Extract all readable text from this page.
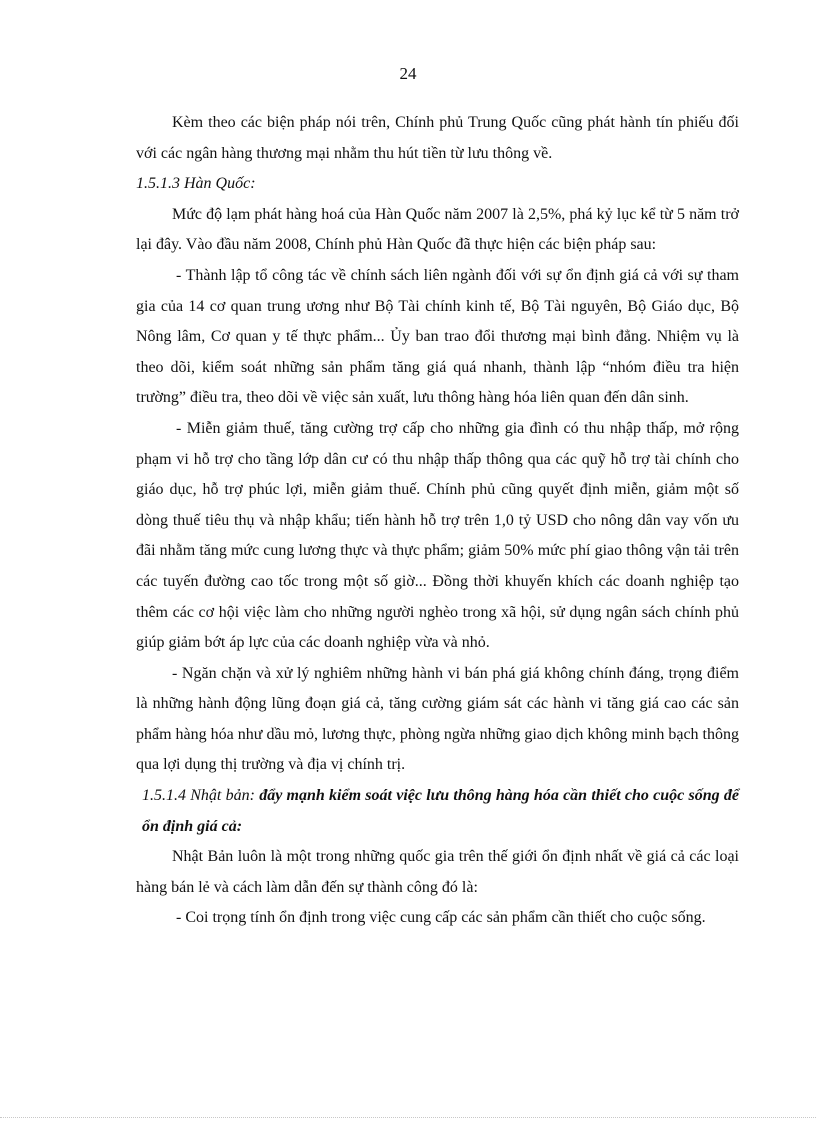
24

Kèm theo các biện pháp nói trên, Chính phủ Trung Quốc cũng phát hành tín phiếu đối với các ngân hàng thương mại nhằm thu hút tiền từ lưu thông về.

1.5.1.3 Hàn Quốc:

Mức độ lạm phát hàng hoá của Hàn Quốc năm 2007 là 2,5%, phá kỷ lục kể từ 5 năm trở lại đây. Vào đầu năm 2008, Chính phủ Hàn Quốc đã thực hiện các biện pháp sau:

- Thành lập tổ công tác về chính sách liên ngành đối với sự ổn định giá cả với sự tham gia của 14 cơ quan trung ương như Bộ Tài chính kinh tế, Bộ Tài nguyên, Bộ Giáo dục, Bộ Nông lâm, Cơ quan y tế thực phẩm... Ủy ban trao đổi thương mại bình đẳng. Nhiệm vụ là theo dõi, kiểm soát những sản phẩm tăng giá quá nhanh, thành lập “nhóm điều tra hiện trường” điều tra, theo dõi về việc sản xuất, lưu thông hàng hóa liên quan đến dân sinh.

- Miễn giảm thuế, tăng cường trợ cấp cho những gia đình có thu nhập thấp, mở rộng phạm vi hỗ trợ cho tầng lớp dân cư có thu nhập thấp thông qua các quỹ hỗ trợ tài chính cho giáo dục, hỗ trợ phúc lợi, miễn giảm thuế. Chính phủ cũng quyết định miễn, giảm một số dòng thuế tiêu thụ và nhập khẩu; tiến hành hỗ trợ trên 1,0 tỷ USD cho nông dân vay vốn ưu đãi nhằm tăng mức cung lương thực và thực phẩm; giảm 50% mức phí giao thông vận tải trên các tuyến đường cao tốc trong một số giờ... Đồng thời khuyến khích các doanh nghiệp tạo thêm các cơ hội việc làm cho những người nghèo trong xã hội, sử dụng ngân sách chính phủ giúp giảm bớt áp lực của các doanh nghiệp vừa và nhỏ.

- Ngăn chặn và xử lý nghiêm những hành vi bán phá giá không chính đáng, trọng điểm là những hành động lũng đoạn giá cả, tăng cường giám sát các hành vi tăng giá cao các sản phẩm hàng hóa như dầu mỏ, lương thực, phòng ngừa những giao dịch không minh bạch thông qua lợi dụng thị trường và địa vị chính trị.

1.5.1.4 Nhật bản: đẩy mạnh kiểm soát việc lưu thông hàng hóa cần thiết cho cuộc sống để ổn định giá cả:

Nhật Bản luôn là một trong những quốc gia trên thế giới ổn định nhất về giá cả các loại hàng bán lẻ và cách làm dẫn đến sự thành công đó là:

- Coi trọng tính ổn định trong việc cung cấp các sản phẩm cần thiết cho cuộc sống.
